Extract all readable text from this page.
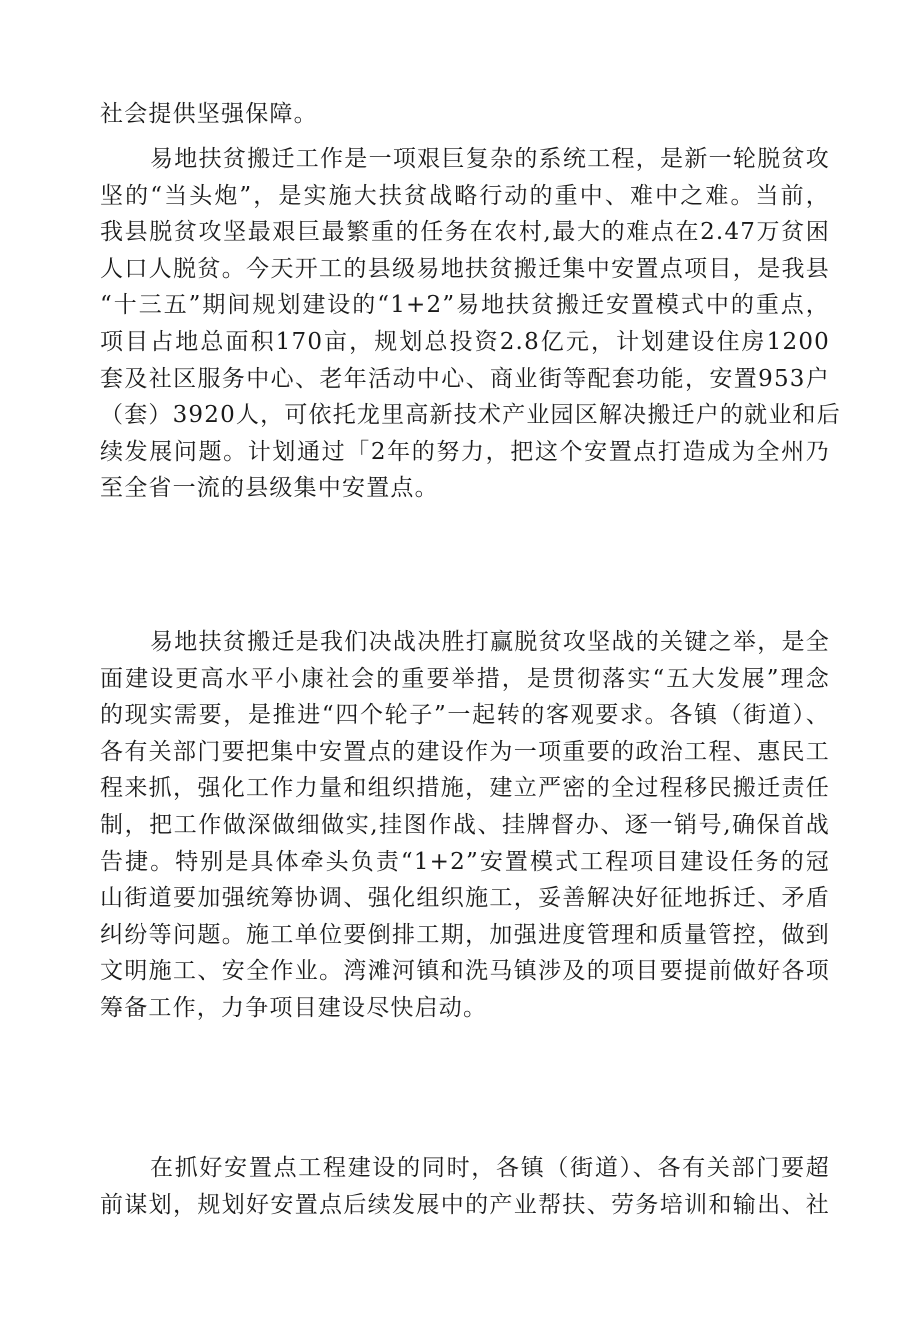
社会提供坚强保障。
易地扶贫搬迁工作是一项艰巨复杂的系统工程，是新一轮脱贫攻
坚的“当头炮”，是实施大扶贫战略行动的重中、难中之难。当前，
我县脱贫攻坚最艰巨最繁重的任务在农村,最大的难点在2.47万贫困
人口人脱贫。今天开工的县级易地扶贫搬迁集中安置点项目，是我县
“十三五”期间规划建设的“1+2”易地扶贫搬迁安置模式中的重点，
项目占地总面积170亩，规划总投资2.8亿元，计划建设住房1200
套及社区服务中心、老年活动中心、商业街等配套功能，安置953户
（套）3920人，可依托龙里高新技术产业园区解决搬迁户的就业和后
续发展问题。计划通过「2年的努力，把这个安置点打造成为全州乃
至全省一流的县级集中安置点。
易地扶贫搬迁是我们决战决胜打赢脱贫攻坚战的关键之举，是全
面建设更高水平小康社会的重要举措，是贯彻落实“五大发展”理念
的现实需要，是推进“四个轮子”一起转的客观要求。各镇（街道）、
各有关部门要把集中安置点的建设作为一项重要的政治工程、惠民工
程来抓，强化工作力量和组织措施，建立严密的全过程移民搬迁责任
制，把工作做深做细做实,挂图作战、挂牌督办、逐一销号,确保首战
告捷。特别是具体牵头负责“1+2”安置模式工程项目建设任务的冠
山街道要加强统筹协调、强化组织施工，妥善解决好征地拆迁、矛盾
纠纷等问题。施工单位要倒排工期，加强进度管理和质量管控，做到
文明施工、安全作业。湾滩河镇和洗马镇涉及的项目要提前做好各项
筹备工作，力争项目建设尽快启动。
在抓好安置点工程建设的同时，各镇（街道）、各有关部门要超
前谋划，规划好安置点后续发展中的产业帮扶、劳务培训和输出、社
